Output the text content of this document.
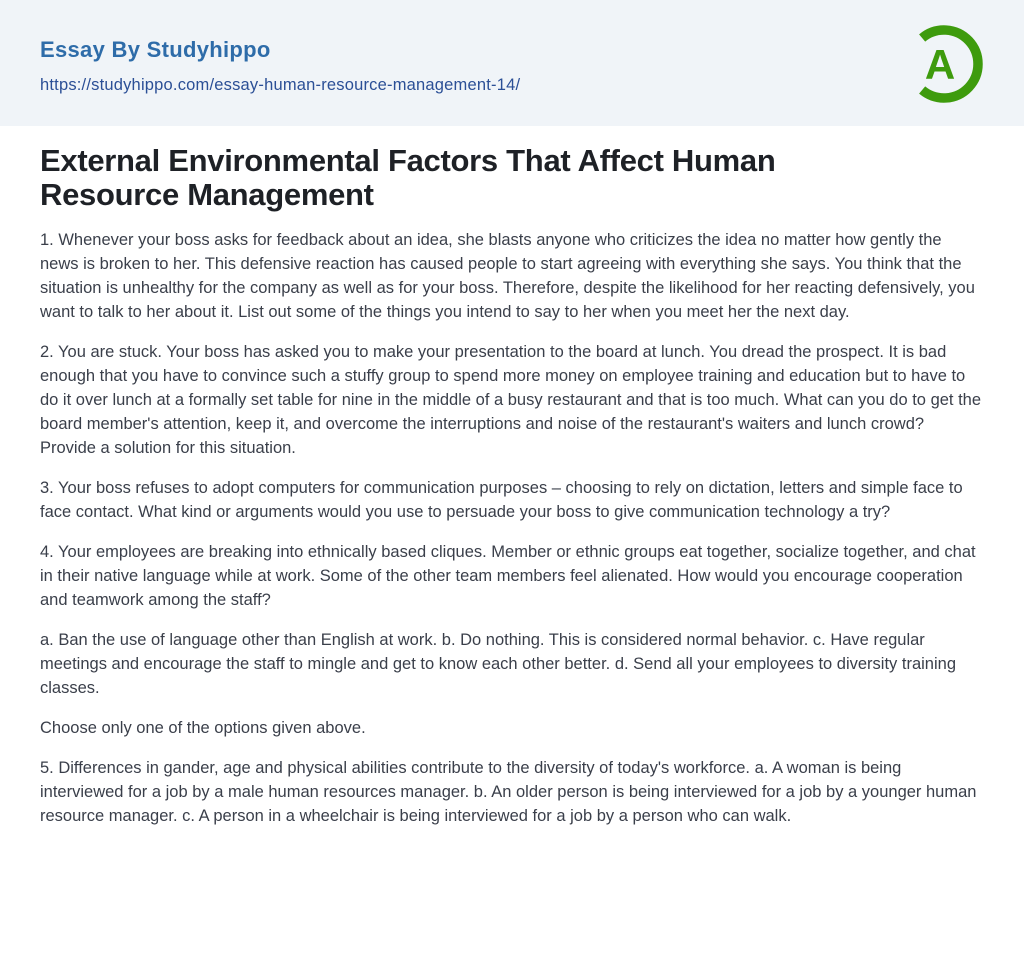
Essay By Studyhippo
https://studyhippo.com/essay-human-resource-management-14/	A
External Environmental Factors That Affect Human Resource Management

1. Whenever your boss asks for feedback about an idea, she blasts anyone who criticizes the idea no matter how gently the news is broken to her. This defensive reaction has caused people to start agreeing with everything she says. You think that the situation is unhealthy for the company as well as for your boss. Therefore, despite the likelihood for her reacting defensively, you want to talk to her about it. List out some of the things you intend to say to her when you meet her the next day.

2. You are stuck. Your boss has asked you to make your presentation to the board at lunch. You dread the prospect. It is bad enough that you have to convince such a stuffy group to spend more money on employee training and education but to have to do it over lunch at a formally set table for nine in the middle of a busy restaurant and that is too much. What can you do to get the board member's attention, keep it, and overcome the interruptions and noise of the restaurant's waiters and lunch crowd? Provide a solution for this situation.

3. Your boss refuses to adopt computers for communication purposes – choosing to rely on dictation, letters and simple face to face contact. What kind or arguments would you use to persuade your boss to give communication technology a try?

4. Your employees are breaking into ethnically based cliques. Member or ethnic groups eat together, socialize together, and chat in their native language while at work. Some of the other team members feel alienated. How would you encourage cooperation and teamwork among the staff?

a. Ban the use of language other than English at work. b. Do nothing. This is considered normal behavior. c. Have regular meetings and encourage the staff to mingle and get to know each other better. d. Send all your employees to diversity training classes.

Choose only one of the options given above.

5. Differences in gander, age and physical abilities contribute to the diversity of today's workforce. a. A woman is being interviewed for a job by a male human resources manager. b. An older person is being interviewed for a job by a younger human resource manager. c. A person in a wheelchair is being interviewed for a job by a person who can walk.
